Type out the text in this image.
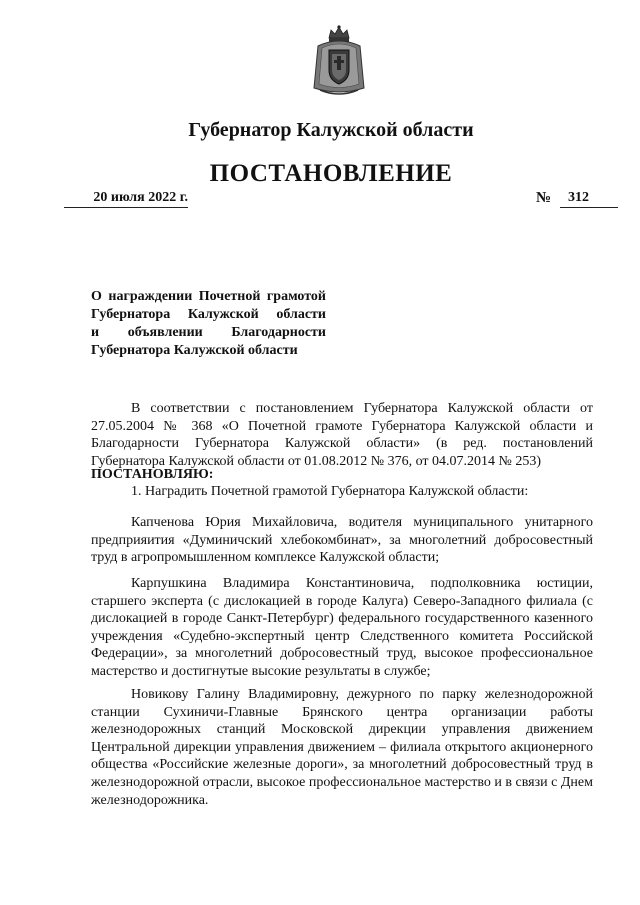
Губернатор Калужской области
ПОСТАНОВЛЕНИЕ
20 июля 2022 г.	№	312
О награждении Почетной грамотой
Губернатора Калужской области
и объявлении Благодарности
Губернатора Калужской области
В соответствии с постановлением Губернатора Калужской области от 27.05.2004 № 368 «О Почетной грамоте Губернатора Калужской области и Благодарности Губернатора Калужской области» (в ред. постановлений Губернатора Калужской области от 01.08.2012 № 376, от 04.07.2014 № 253)
ПОСТАНОВЛЯЮ:
1. Наградить Почетной грамотой Губернатора Калужской области:
Капченова Юрия Михайловича, водителя муниципального унитарного предприяития «Думиничский хлебокомбинат», за многолетний добросовестный труд в агропромышленном комплексе Калужской области;
Карпушкина Владимира Константиновича, подполковника юстиции, старшего эксперта (с дислокацией в городе Калуга) Северо-Западного филиала (с дислокацией в городе Санкт-Петербург) федерального государственного казенного учреждения «Судебно-экспертный центр Следственного комитета Российской Федерации», за многолетний добросовестный труд, высокое профессиональное мастерство и достигнутые высокие результаты в службе;
Новикову Галину Владимировну, дежурного по парку железнодорожной станции Сухиничи-Главные Брянского центра организации работы железнодорожных станций Московской дирекции управления движением Центральной дирекции управления движением – филиала открытого акционерного общества «Российские железные дороги», за многолетний добросовестный труд в железнодорожной отрасли, высокое профессиональное мастерство и в связи с Днем железнодорожника.
